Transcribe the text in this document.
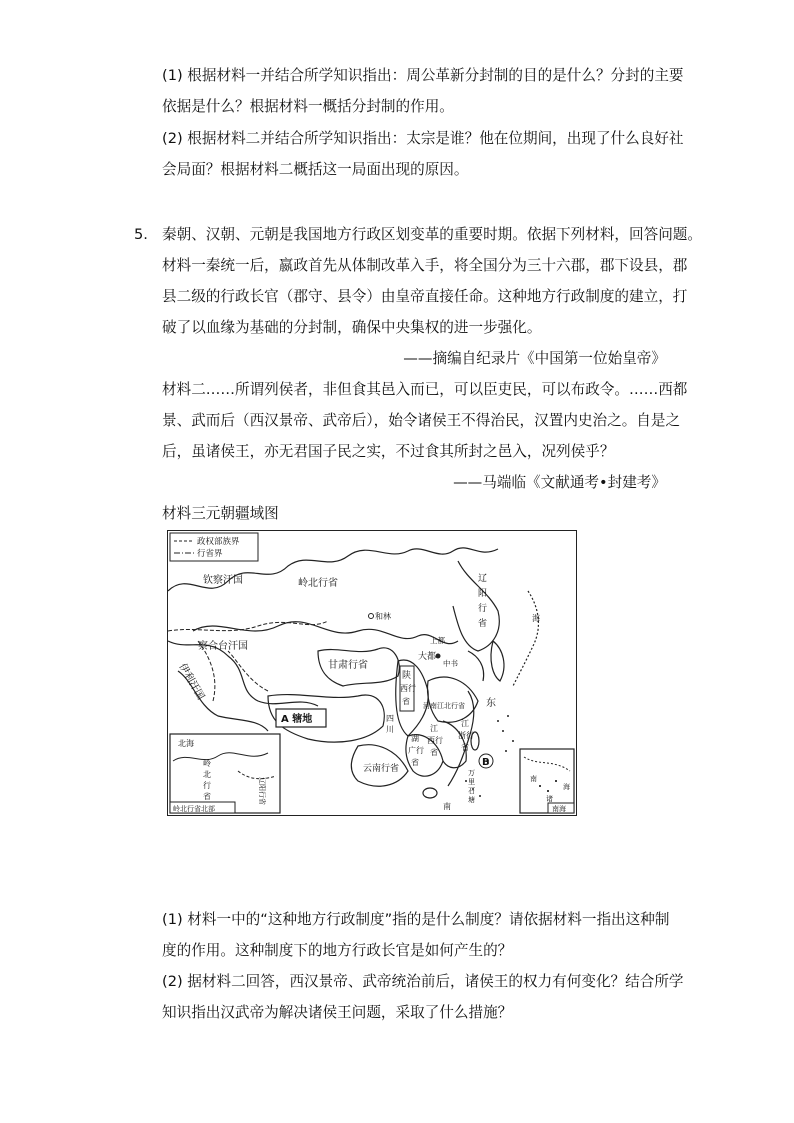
(1) 根据材料一并结合所学知识指出：周公革新分封制的目的是什么？分封的主要
依据是什么？根据材料一概括分封制的作用。
(2) 根据材料二并结合所学知识指出：太宗是谁？他在位期间，出现了什么良好社
会局面？根据材料二概括这一局面出现的原因。
5. 秦朝、汉朝、元朝是我国地方行政区划变革的重要时期。依据下列材料，回答问题。
材料一秦统一后，嬴政首先从体制改革入手，将全国分为三十六郡，郡下设县，郡
县二级的行政长官（郡守、县令）由皇帝直接任命。这种地方行政制度的建立，打
破了以血缘为基础的分封制，确保中央集权的进一步强化。
——摘编自纪录片《中国第一位始皇帝》
材料二……所谓列侯者，非但食其邑入而已，可以臣吏民，可以布政令。……西都
景、武而后（西汉景帝、武帝后），始令诸侯王不得治民，汉置内史治之。自是之
后，虽诸侯王，亦无君国子民之实，不过食其所封之邑入，况列侯乎？
——马端临《文献通考•封建考》
材料三元朝疆域图
政权部族界
行省界
岭北行省
钦察汗国
察合台汗国
伊利汗国
和林
辽
阳
行
省
甘肃行省
上都
大都
中书
陕
西行
省 河南江北行省
A 辖地	江
浙行
省
江
西行
省
湖
广行
省
云南行省
四
川
东
海
B
万
里
石
塘
南
北海
岭
北
行
省	辽阳行省
岭北行省北部
南
海
诸
南海
(1) 材料一中的“这种地方行政制度”指的是什么制度？请依据材料一指出这种制
度的作用。这种制度下的地方行政长官是如何产生的？
(2) 据材料二回答，西汉景帝、武帝统治前后，诸侯王的权力有何变化？结合所学
知识指出汉武帝为解决诸侯王问题，采取了什么措施？
